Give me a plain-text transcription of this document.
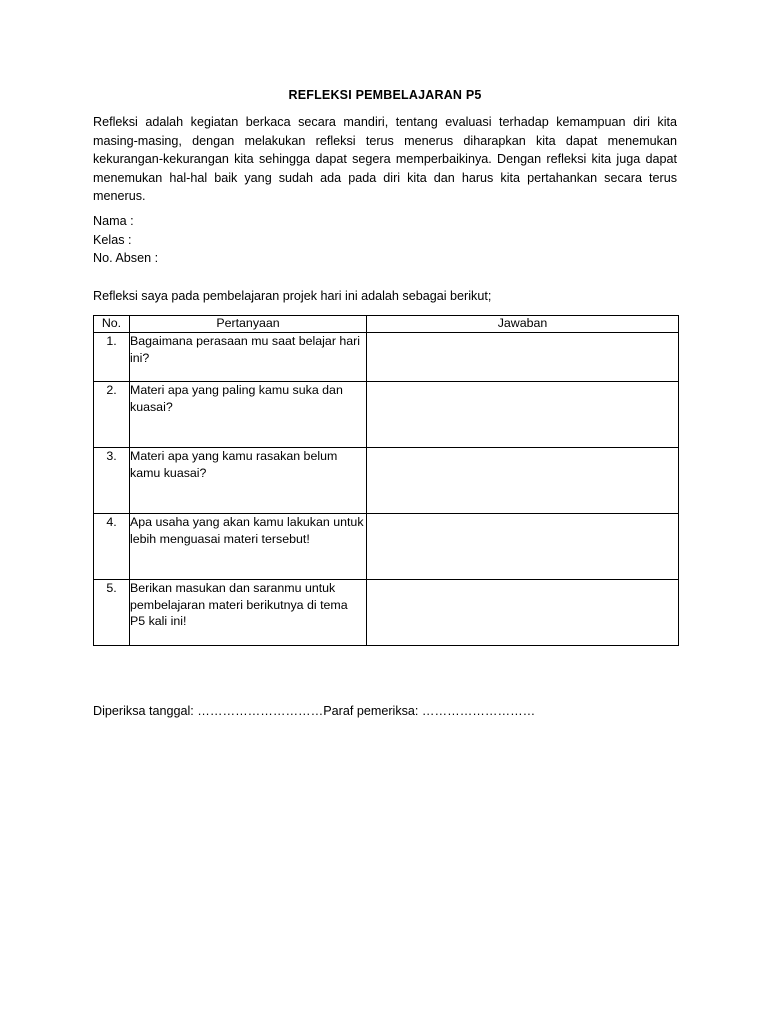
REFLEKSI PEMBELAJARAN P5

Refleksi adalah kegiatan berkaca secara mandiri, tentang evaluasi terhadap kemampuan diri kita masing-masing, dengan melakukan refleksi terus menerus diharapkan kita dapat menemukan kekurangan-kekurangan kita sehingga dapat segera memperbaikinya. Dengan refleksi kita juga dapat menemukan hal-hal baik yang sudah ada pada diri kita dan harus kita pertahankan secara terus menerus.

Nama :
Kelas :
No. Absen :
Refleksi saya pada pembelajaran projek hari ini adalah sebagai berikut;
No.	Pertanyaan	Jawaban
1.	Bagaimana perasaan mu saat belajar hari ini?	
2.	Materi apa yang paling kamu suka dan kuasai?	
3.	Materi apa yang kamu rasakan belum kamu kuasai?	
4.	Apa usaha yang akan kamu lakukan untuk lebih menguasai materi tersebut!	
5.	Berikan masukan dan saranmu untuk pembelajaran materi berikutnya di tema P5 kali ini!	
Diperiksa tanggal: …………………………Paraf pemeriksa: ………………………
